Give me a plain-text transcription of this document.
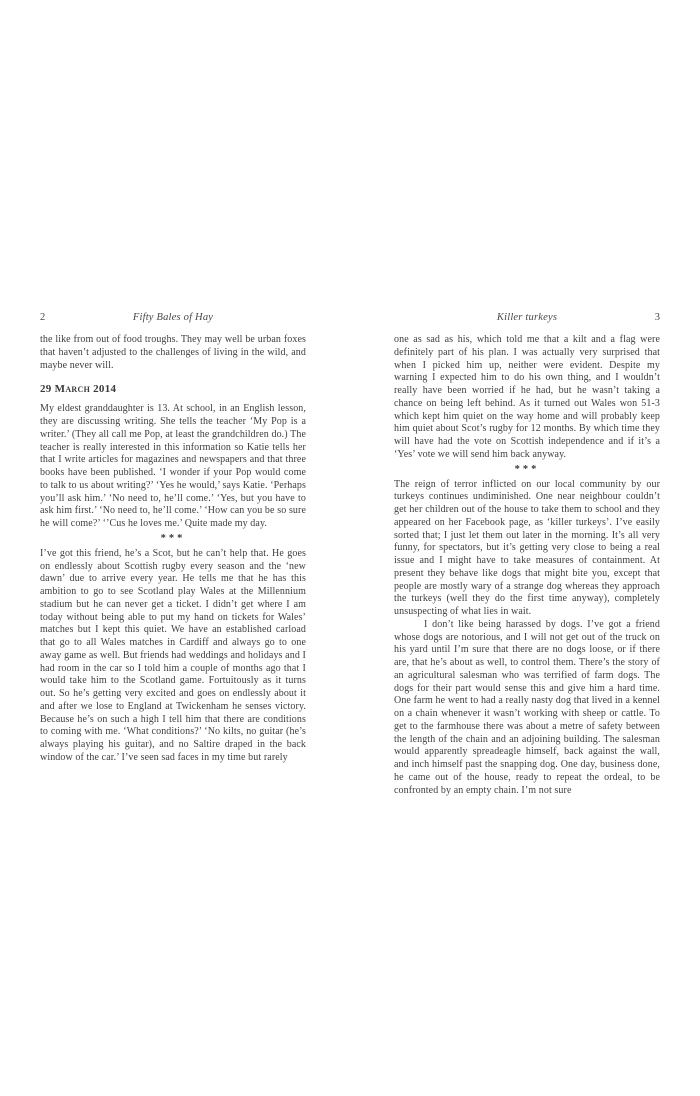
2	Fifty Bales of Hay

the like from out of food troughs. They may well be urban foxes that haven’t adjusted to the challenges of living in the wild, and maybe never will.

29 March 2014

My eldest granddaughter is 13. At school, in an English lesson, they are discussing writing. She tells the teacher ‘My Pop is a writer.’ (They all call me Pop, at least the grandchildren do.) The teacher is really interested in this information so Katie tells her that I write articles for magazines and newspapers and that three books have been published. ‘I wonder if your Pop would come to talk to us about writing?’ ‘Yes he would,’ says Katie. ‘Perhaps you’ll ask him.’ ‘No need to, he’ll come.’ ‘Yes, but you have to ask him first.’ ‘No need to, he’ll come.’ ‘How can you be so sure he will come?’ ‘’Cus he loves me.’ Quite made my day.

***

I’ve got this friend, he’s a Scot, but he can’t help that. He goes on endlessly about Scottish rugby every season and the ‘new dawn’ due to arrive every year. He tells me that he has this ambition to go to see Scotland play Wales at the Millennium stadium but he can never get a ticket. I didn’t get where I am today without being able to put my hand on tickets for Wales’ matches but I kept this quiet. We have an established carload that go to all Wales matches in Cardiff and always go to one away game as well. But friends had weddings and holidays and I had room in the car so I told him a couple of months ago that I would take him to the Scotland game. Fortuitously as it turns out. So he’s getting very excited and goes on endlessly about it and after we lose to England at Twickenham he senses victory. Because he’s on such a high I tell him that there are conditions to coming with me. ‘What conditions?’ ‘No kilts, no guitar (he’s always playing his guitar), and no Saltire draped in the back window of the car.’ I’ve seen sad faces in my time but rarely

Killer turkeys	3

one as sad as his, which told me that a kilt and a flag were definitely part of his plan. I was actually very surprised that when I picked him up, neither were evident. Despite my warning I expected him to do his own thing, and I wouldn’t really have been worried if he had, but he wasn’t taking a chance on being left behind. As it turned out Wales won 51-3 which kept him quiet on the way home and will probably keep him quiet about Scot’s rugby for 12 months. By which time they will have had the vote on Scottish independence and if it’s a ‘Yes’ vote we will send him back anyway.

***

The reign of terror inflicted on our local community by our turkeys continues undiminished. One near neighbour couldn’t get her children out of the house to take them to school and they appeared on her Facebook page, as ‘killer turkeys’. I’ve easily sorted that; I just let them out later in the morning. It’s all very funny, for spectators, but it’s getting very close to being a real issue and I might have to take measures of containment. At present they behave like dogs that might bite you, except that people are mostly wary of a strange dog whereas they approach the turkeys (well they do the first time anyway), completely unsuspecting of what lies in wait.

I don’t like being harassed by dogs. I’ve got a friend whose dogs are notorious, and I will not get out of the truck on his yard until I’m sure that there are no dogs loose, or if there are, that he’s about as well, to control them. There’s the story of an agricultural salesman who was terrified of farm dogs. The dogs for their part would sense this and give him a hard time. One farm he went to had a really nasty dog that lived in a kennel on a chain whenever it wasn’t working with sheep or cattle. To get to the farmhouse there was about a metre of safety between the length of the chain and an adjoining building. The salesman would apparently spreadeagle himself, back against the wall, and inch himself past the snapping dog. One day, business done, he came out of the house, ready to repeat the ordeal, to be confronted by an empty chain. I’m not sure
